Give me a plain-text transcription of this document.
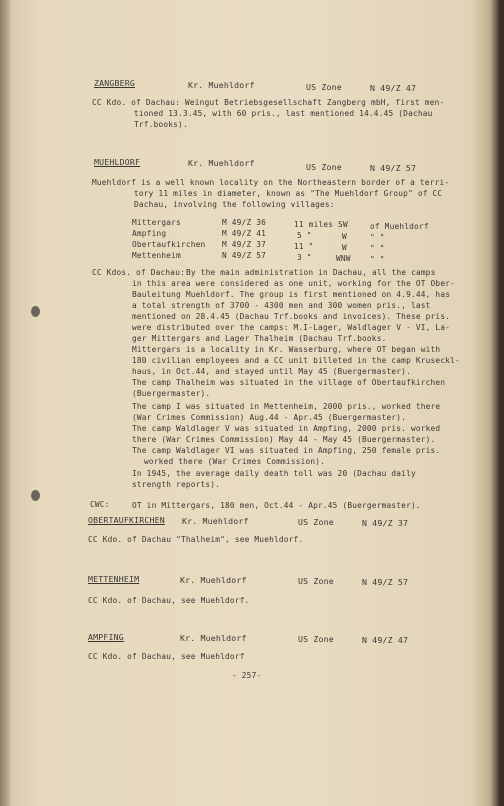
ZANGBERG	Kr. Muehldorf	US Zone	N 49/Z 47
CC Kdo. of Dachau: Weingut Betriebsgesellschaft Zangberg mbH, first men-
tioned 13.3.45, with 60 pris., last mentioned 14.4.45 (Dachau
Trf.books).
MUEHLDORF	Kr. Muehldorf	US Zone	N 49/Z 57
Muehldorf is a well known locality on the Northeastern border of a terri-
tory 11 miles in diameter, known as "The Muehldorf Group" of CC
Dachau, involving the following villages:
Mittergars	M 49/Z 36	11 miles SW	of Muehldorf
Ampfing	M 49/Z 41	5 "	W	" "
Obertaufkirchen M 49/Z 37	11 "	W	" "
Mettenheim	N 49/Z 57	3 "	WNW " "
CC Kdos. of Dachau: By the main administration in Dachau, all the camps
in this area were considered as one unit, working for the OT Ober-
Bauleitung Muehldorf. The group is first mentioned on 4.9.44, has
a total strength of 3700 - 4300 men and 300 women pris., last
mentioned on 28.4.45 (Dachau Trf.books and invoices). These pris.
were distributed over the camps: M.I-Lager, Waldlager V - VI, La-
ger Mittergars and Lager Thalheim (Dachau Trf.books.
Mittergars is a locality in Kr. Wasserburg, where OT began with
180 civilian employees and a CC unit billeted in the camp Kruseckl-
haus, in Oct.44, and stayed until May 45 (Buergermaster).
The camp Thalheim was situated in the village of Obertaufkirchen
(Buergermaster).
The camp I was situated in Mettenheim, 2000 pris., worked there
(War Crimes Commission) Aug.44 - Apr.45 (Buergermaster).
The camp Waldlager V was situated in Ampfing, 2000 pris. worked
there (War Crimes Commission) May 44 - May 45 (Buergermaster).
The camp Waldlager VI was situated in Ampfing, 250 female pris.
worked there (War Crimes Commission).
In 1945, the average daily death toll was 20 (Dachau daily
strength reports).
CWC:	OT in Mittergars, 180 men, Oct.44 - Apr.45 (Buergermaster).
OBERTAUFKIRCHEN Kr. Muehldorf	US Zone	N 49/Z 37
CC Kdo. of Dachau "Thalheim", see Muehldorf.
METTENHEIM	Kr. Muehldorf	US Zone	N 49/Z 57
CC Kdo. of Dachau, see Muehldorf.
AMPFING	Kr. Muehldorf	US Zone	N 49/Z 47
CC Kdo. of Dachau, see Muehldorf
- 257-
